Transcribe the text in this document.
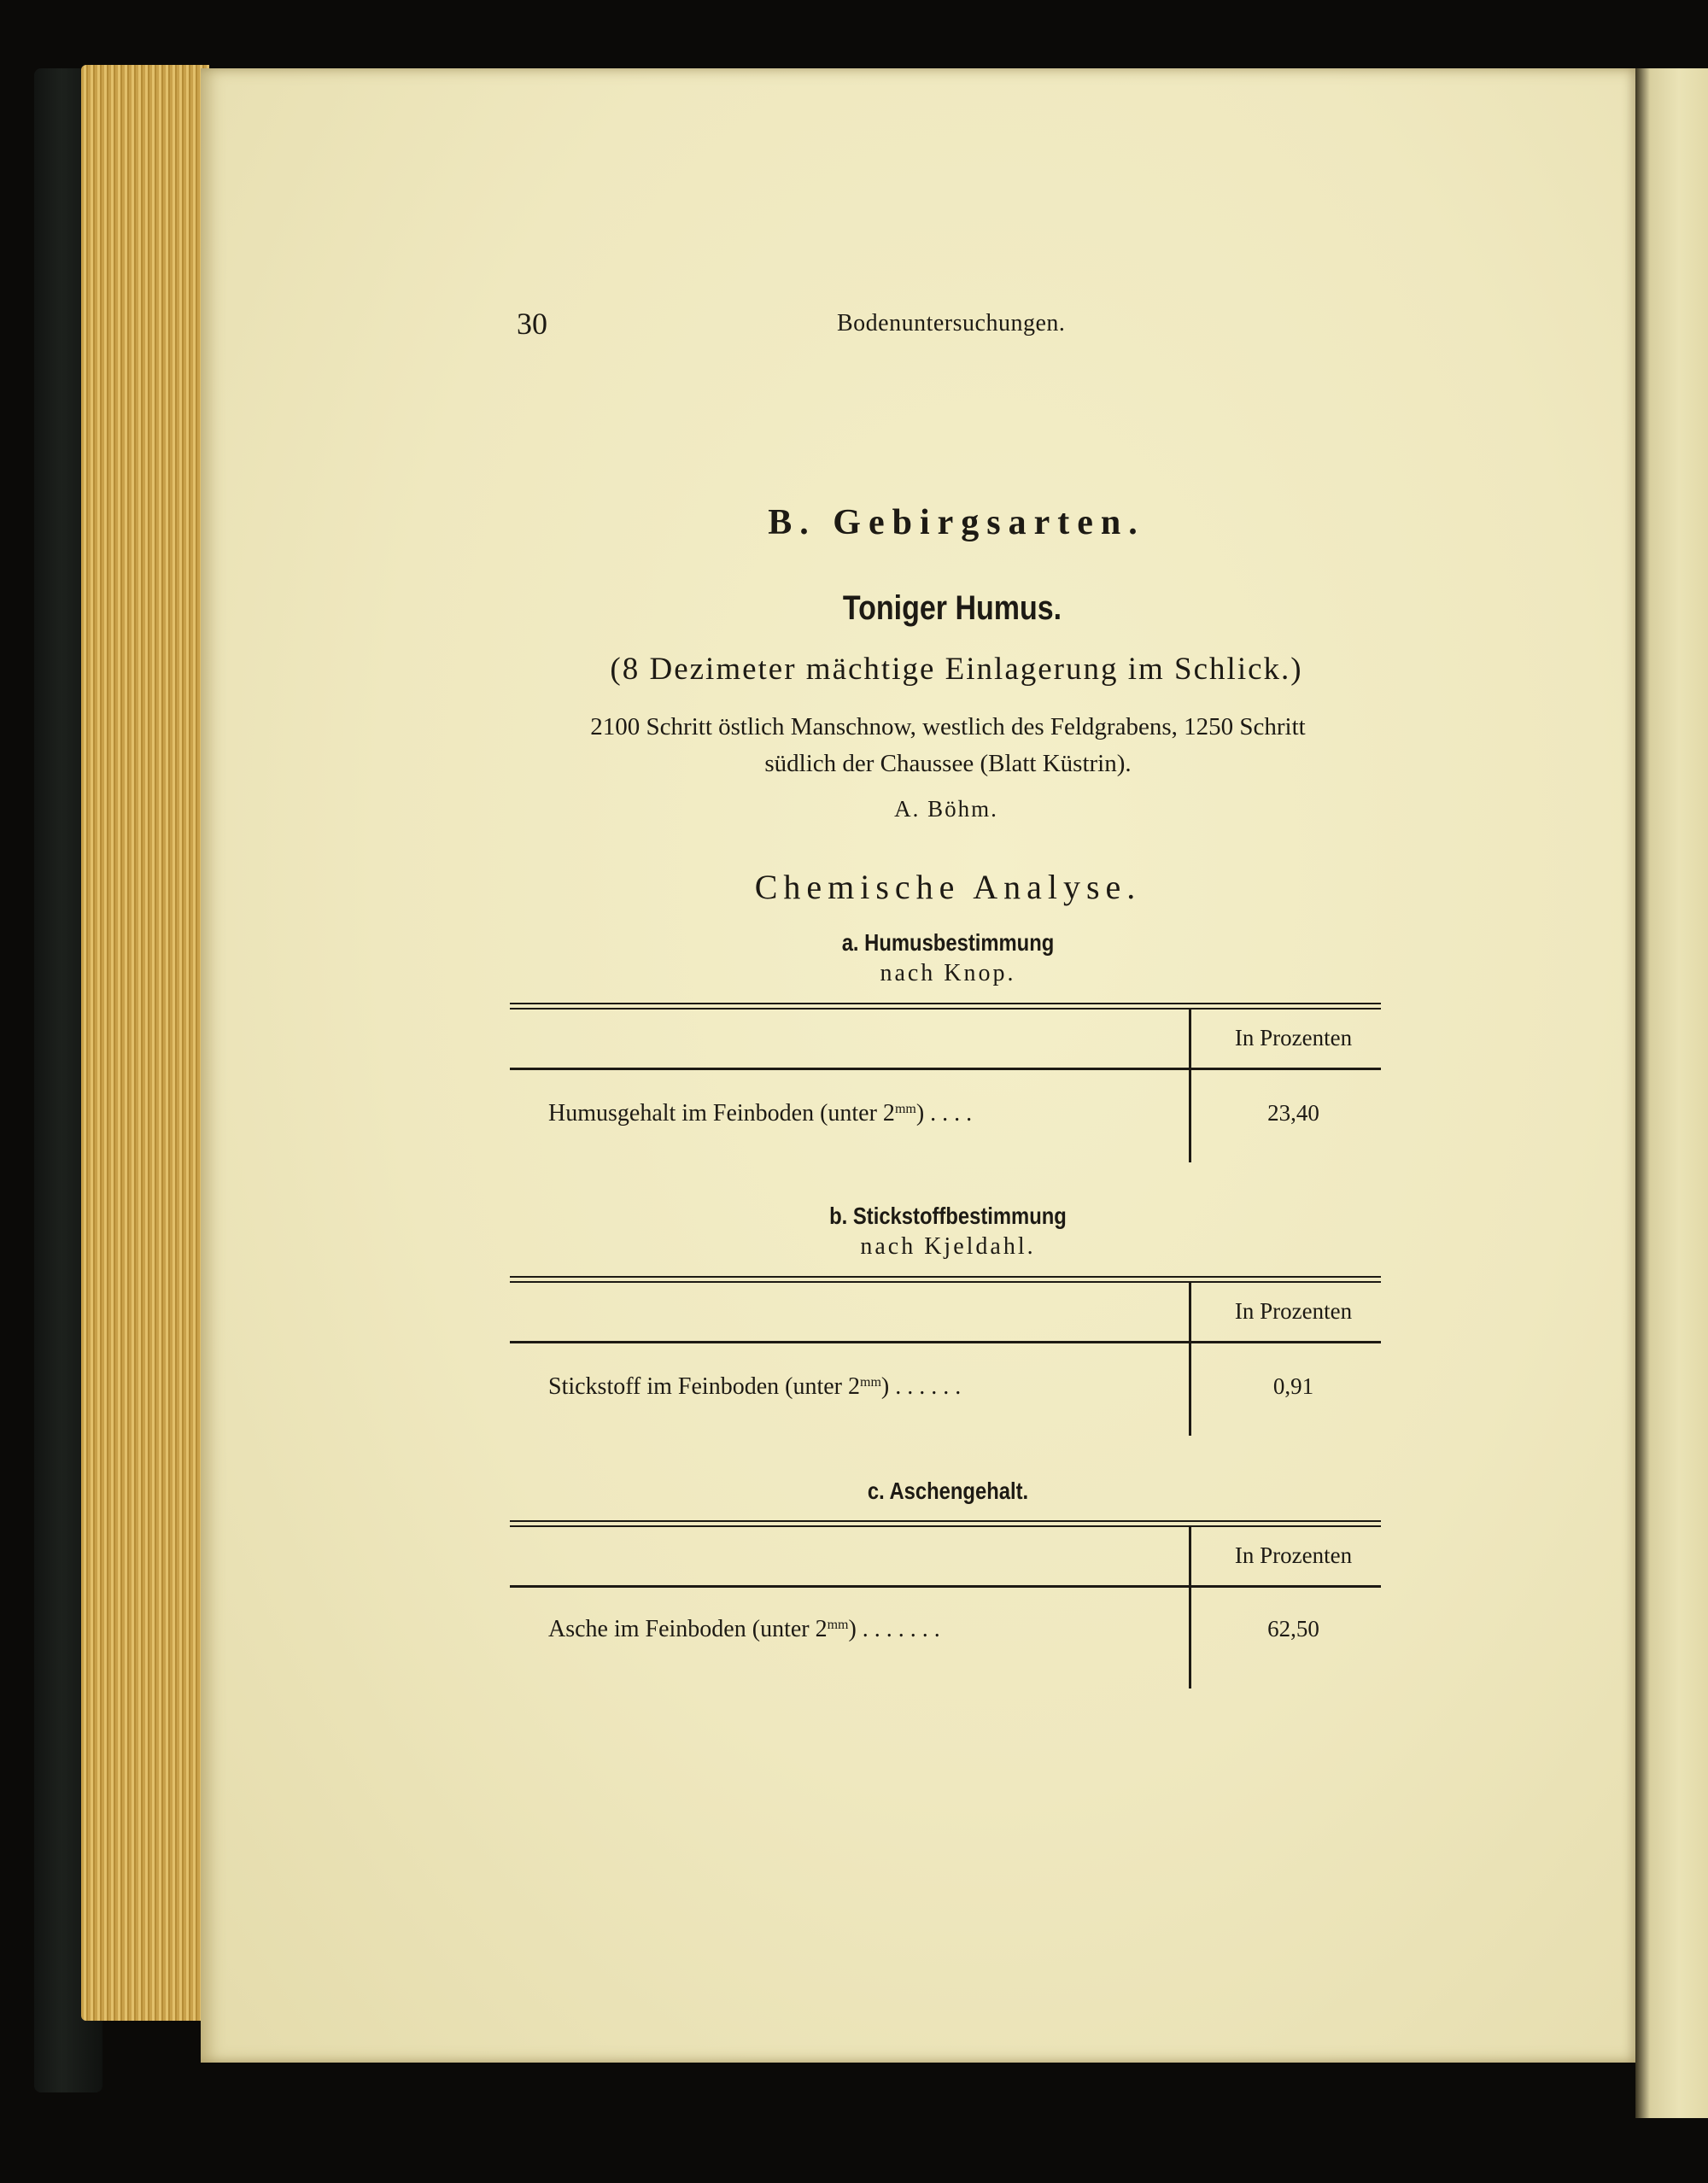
30	Bodenuntersuchungen.
B. Gebirgsarten.
Toniger Humus.
(8 Dezimeter mächtige Einlagerung im Schlick.)
2100 Schritt östlich Manschnow, westlich des Feldgrabens, 1250 Schritt
südlich der Chaussee (Blatt Küstrin).
A. Böhm.
Chemische Analyse.
a. Humusbestimmung
nach Knop.
In Prozenten
Humusgehalt im Feinboden (unter $2^{mm}$) . . . .	23,40
b. Stickstoffbestimmung
nach Kjeldahl.
In Prozenten
Stickstoff im Feinboden (unter $2^{mm}$) . . . . . .	0,91
c. Aschengehalt.
In Prozenten
Asche im Feinboden (unter $2^{mm}$) . . . . . . .	62,50
